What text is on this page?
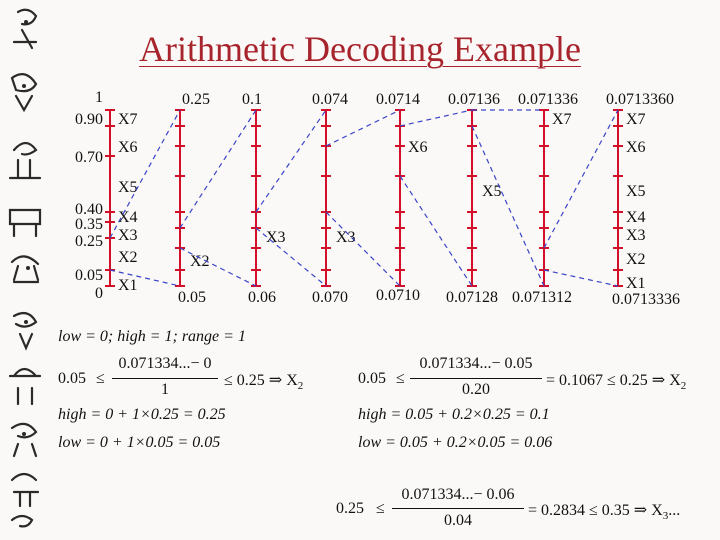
Arithmetic Decoding Example
1
0.90
0.70
0.40
0.35
0.25
0.05
0
X7
X6
X5
X4
X3
X2
X1
0.25 0.1	0.074 0.0714 0.07136 0.071336 0.0713360
0.05	0.06 0.070 0.0710 0.07128 0.071312	0.0713336
X2
X3	X3
X6
X5
X7	X7
X6
X5
X4
X3
X2
X1
low = 0; high = 1; range = 1
0.05 ≤
0.071334...− 0
1
≤ 0.25 ⇒ $X_2$
high = 0 + 1×0.25 = 0.25
low = 0 + 1×0.05 = 0.05
0.05 ≤
0.071334...− 0.05
0.20
= 0.1067 ≤ 0.25 ⇒ $X_2$
high = 0.05 + 0.2×0.25 = 0.1
low = 0.05 + 0.2×0.05 = 0.06
0.25 ≤
0.071334...− 0.06
0.04
= 0.2834 ≤ 0.35 ⇒ $X_3$...
